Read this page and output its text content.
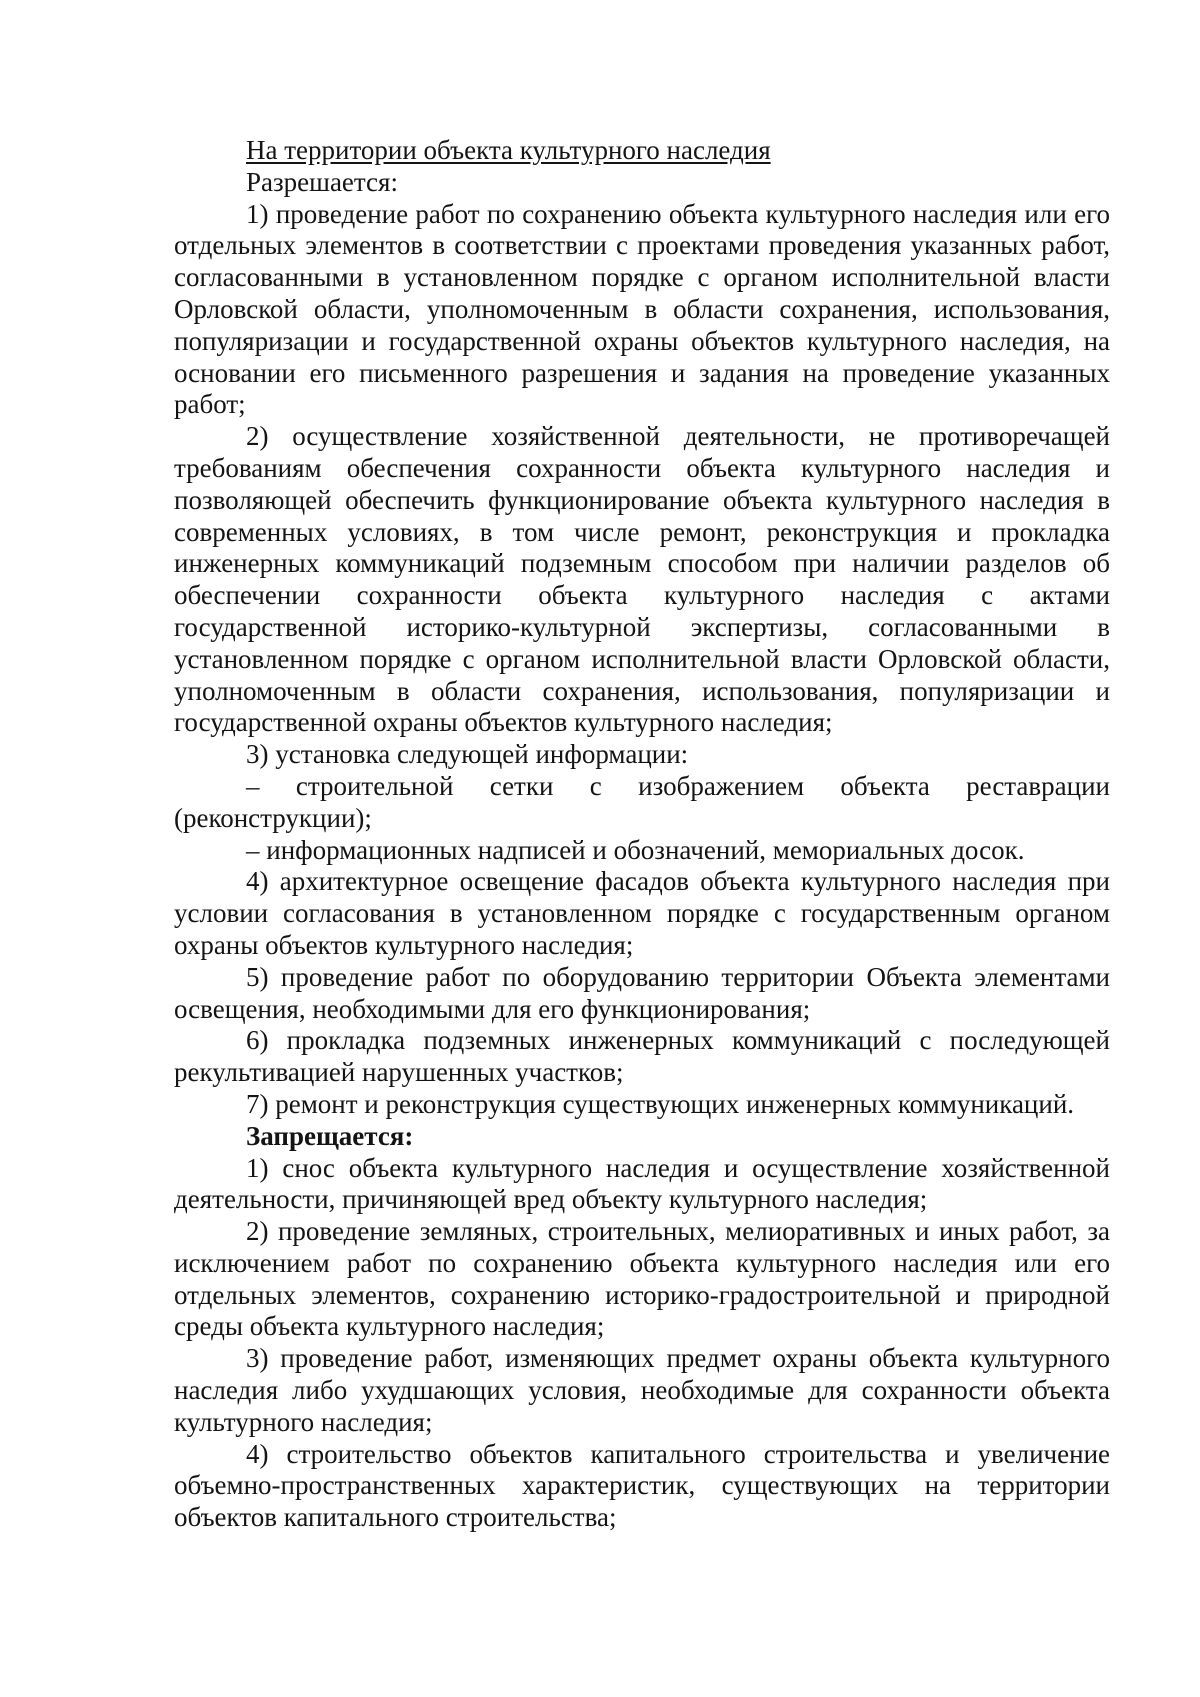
На территории объекта культурного наследия

Разрешается:

1) проведение работ по сохранению объекта культурного наследия или его отдельных элементов в соответствии с проектами проведения указанных работ, согласованными в установленном порядке с органом исполнительной власти Орловской области, уполномоченным в области сохранения, использования, популяризации и государственной охраны объектов культурного наследия, на основании его письменного разрешения и задания на проведение указанных работ;

2) осуществление хозяйственной деятельности, не противоречащей требованиям обеспечения сохранности объекта культурного наследия и позволяющей обеспечить функционирование объекта культурного наследия в современных условиях, в том числе ремонт, реконструкция и прокладка инженерных коммуникаций подземным способом при наличии разделов об обеспечении сохранности объекта культурного наследия с актами государственной историко-культурной экспертизы, согласованными в установленном порядке с органом исполнительной власти Орловской области, уполномоченным в области сохранения, использования, популяризации и государственной охраны объектов культурного наследия;

3) установка следующей информации:

– строительной сетки с изображением объекта реставрации (реконструкции);

– информационных надписей и обозначений, мемориальных досок.

4) архитектурное освещение фасадов объекта культурного наследия при условии согласования в установленном порядке с государственным органом охраны объектов культурного наследия;

5) проведение работ по оборудованию территории Объекта элементами освещения, необходимыми для его функционирования;

6) прокладка подземных инженерных коммуникаций с последующей рекультивацией нарушенных участков;

7) ремонт и реконструкция существующих инженерных коммуникаций.

Запрещается:

1) снос объекта культурного наследия и осуществление хозяйственной деятельности, причиняющей вред объекту культурного наследия;

2) проведение земляных, строительных, мелиоративных и иных работ, за исключением работ по сохранению объекта культурного наследия или его отдельных элементов, сохранению историко-градостроительной и природной среды объекта культурного наследия;

3) проведение работ, изменяющих предмет охраны объекта культурного наследия либо ухудшающих условия, необходимые для сохранности объекта культурного наследия;

4) строительство объектов капитального строительства и увеличение объемно-пространственных характеристик, существующих на территории объектов капитального строительства;
